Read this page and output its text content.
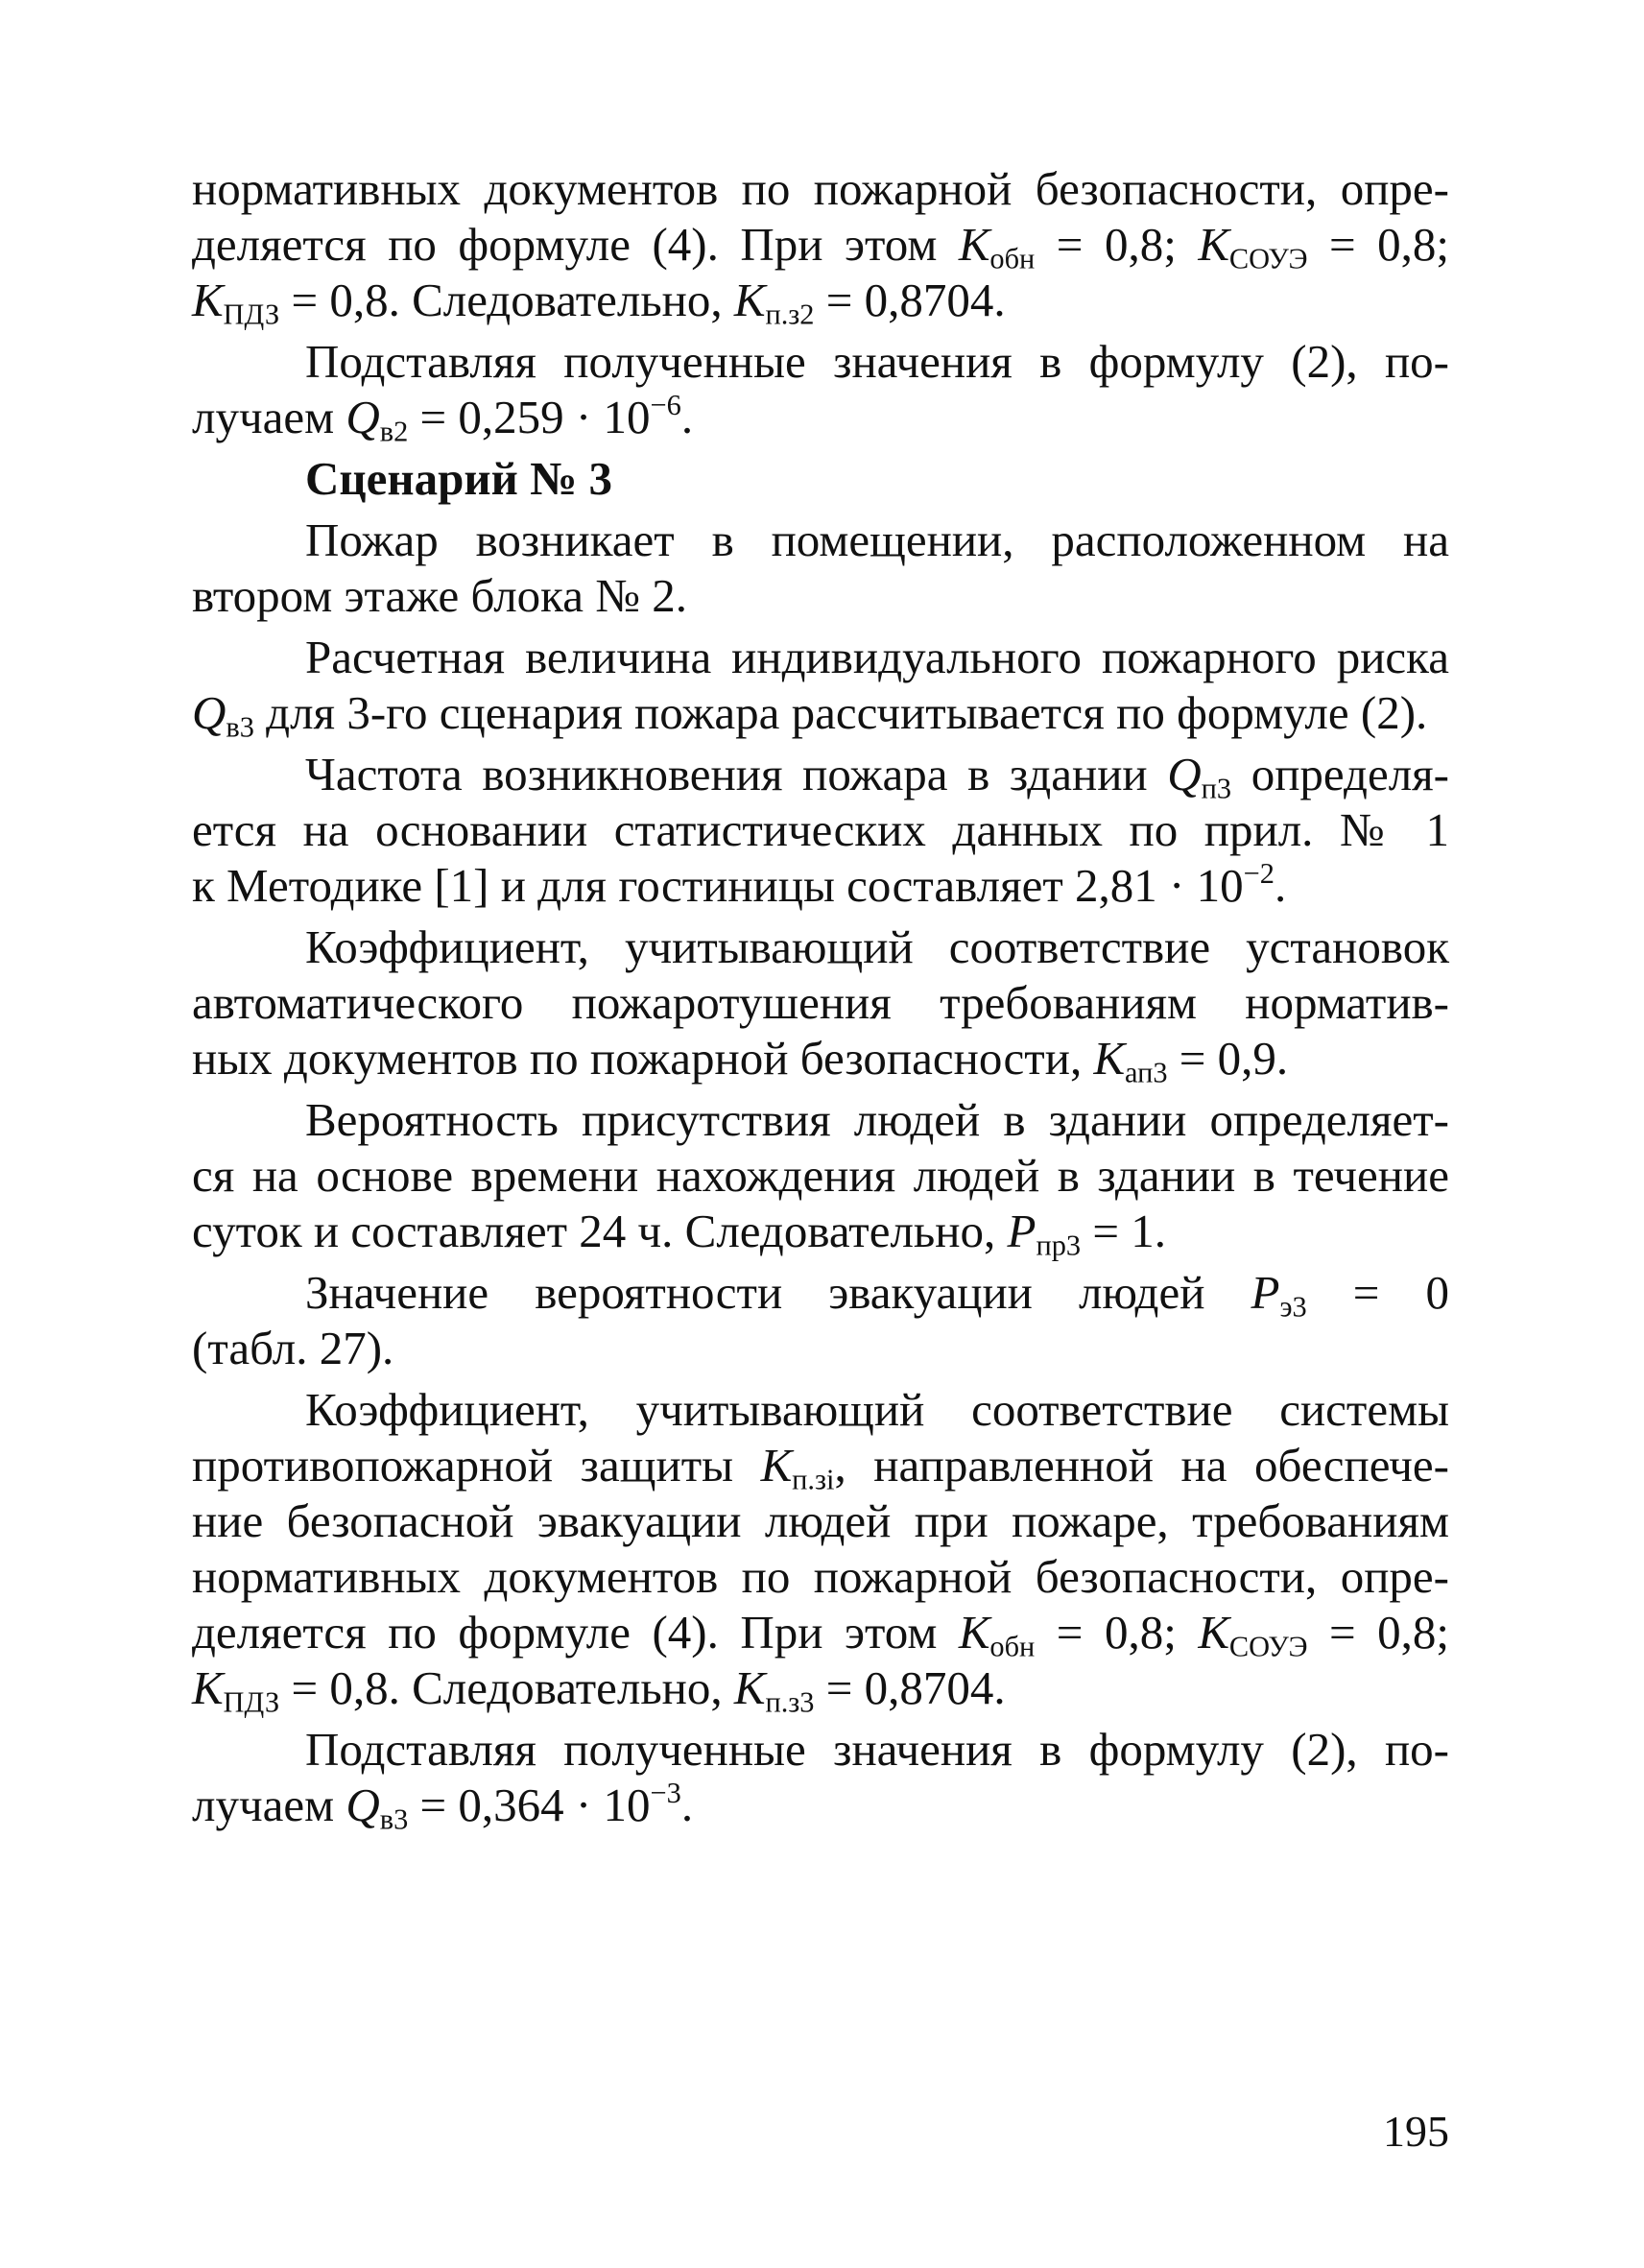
нормативных документов по пожарной безопасности, опре-
деляется по формуле (4). При этом $К_{обн} = 0,8$; $К_{СОУЭ} = 0,8$;
$К_{ПДЗ} = 0,8$. Следовательно, $К_{п.з2} = 0,8704$.
Подставляя полученные значения в формулу (2), по-
лучаем $Q_{в2} = 0,259 \cdot 10^{-6}$.
Сценарий № 3
Пожар возникает в помещении, расположенном на
втором этаже блока № 2.
Расчетная величина индивидуального пожарного риска
$Q_{в3}$ для 3-го сценария пожара рассчитывается по формуле (2).
Частота возникновения пожара в здании $Q_{п3}$ определя-
ется на основании статистических данных по прил. № 1
к Методике [1] и для гостиницы составляет $2,81 \cdot 10^{-2}$.
Коэффициент, учитывающий соответствие установок
автоматического пожаротушения требованиям норматив-
ных документов по пожарной безопасности, $К_{ап3} = 0,9$.
Вероятность присутствия людей в здании определяет-
ся на основе времени нахождения людей в здании в течение
суток и составляет 24 ч. Следовательно, $Р_{пр3} = 1$.
Значение вероятности эвакуации людей $Р_{э3} = 0$
(табл. 27).
Коэффициент, учитывающий соответствие системы
противопожарной защиты $К_{п.зi}$, направленной на обеспече-
ние безопасной эвакуации людей при пожаре, требованиям
нормативных документов по пожарной безопасности, опре-
деляется по формуле (4). При этом $К_{обн} = 0,8$; $К_{СОУЭ} = 0,8$;
$К_{ПДЗ} = 0,8$. Следовательно, $К_{п.з3} = 0,8704$.
Подставляя полученные значения в формулу (2), по-
лучаем $Q_{в3} = 0,364 \cdot 10^{-3}$.
195
